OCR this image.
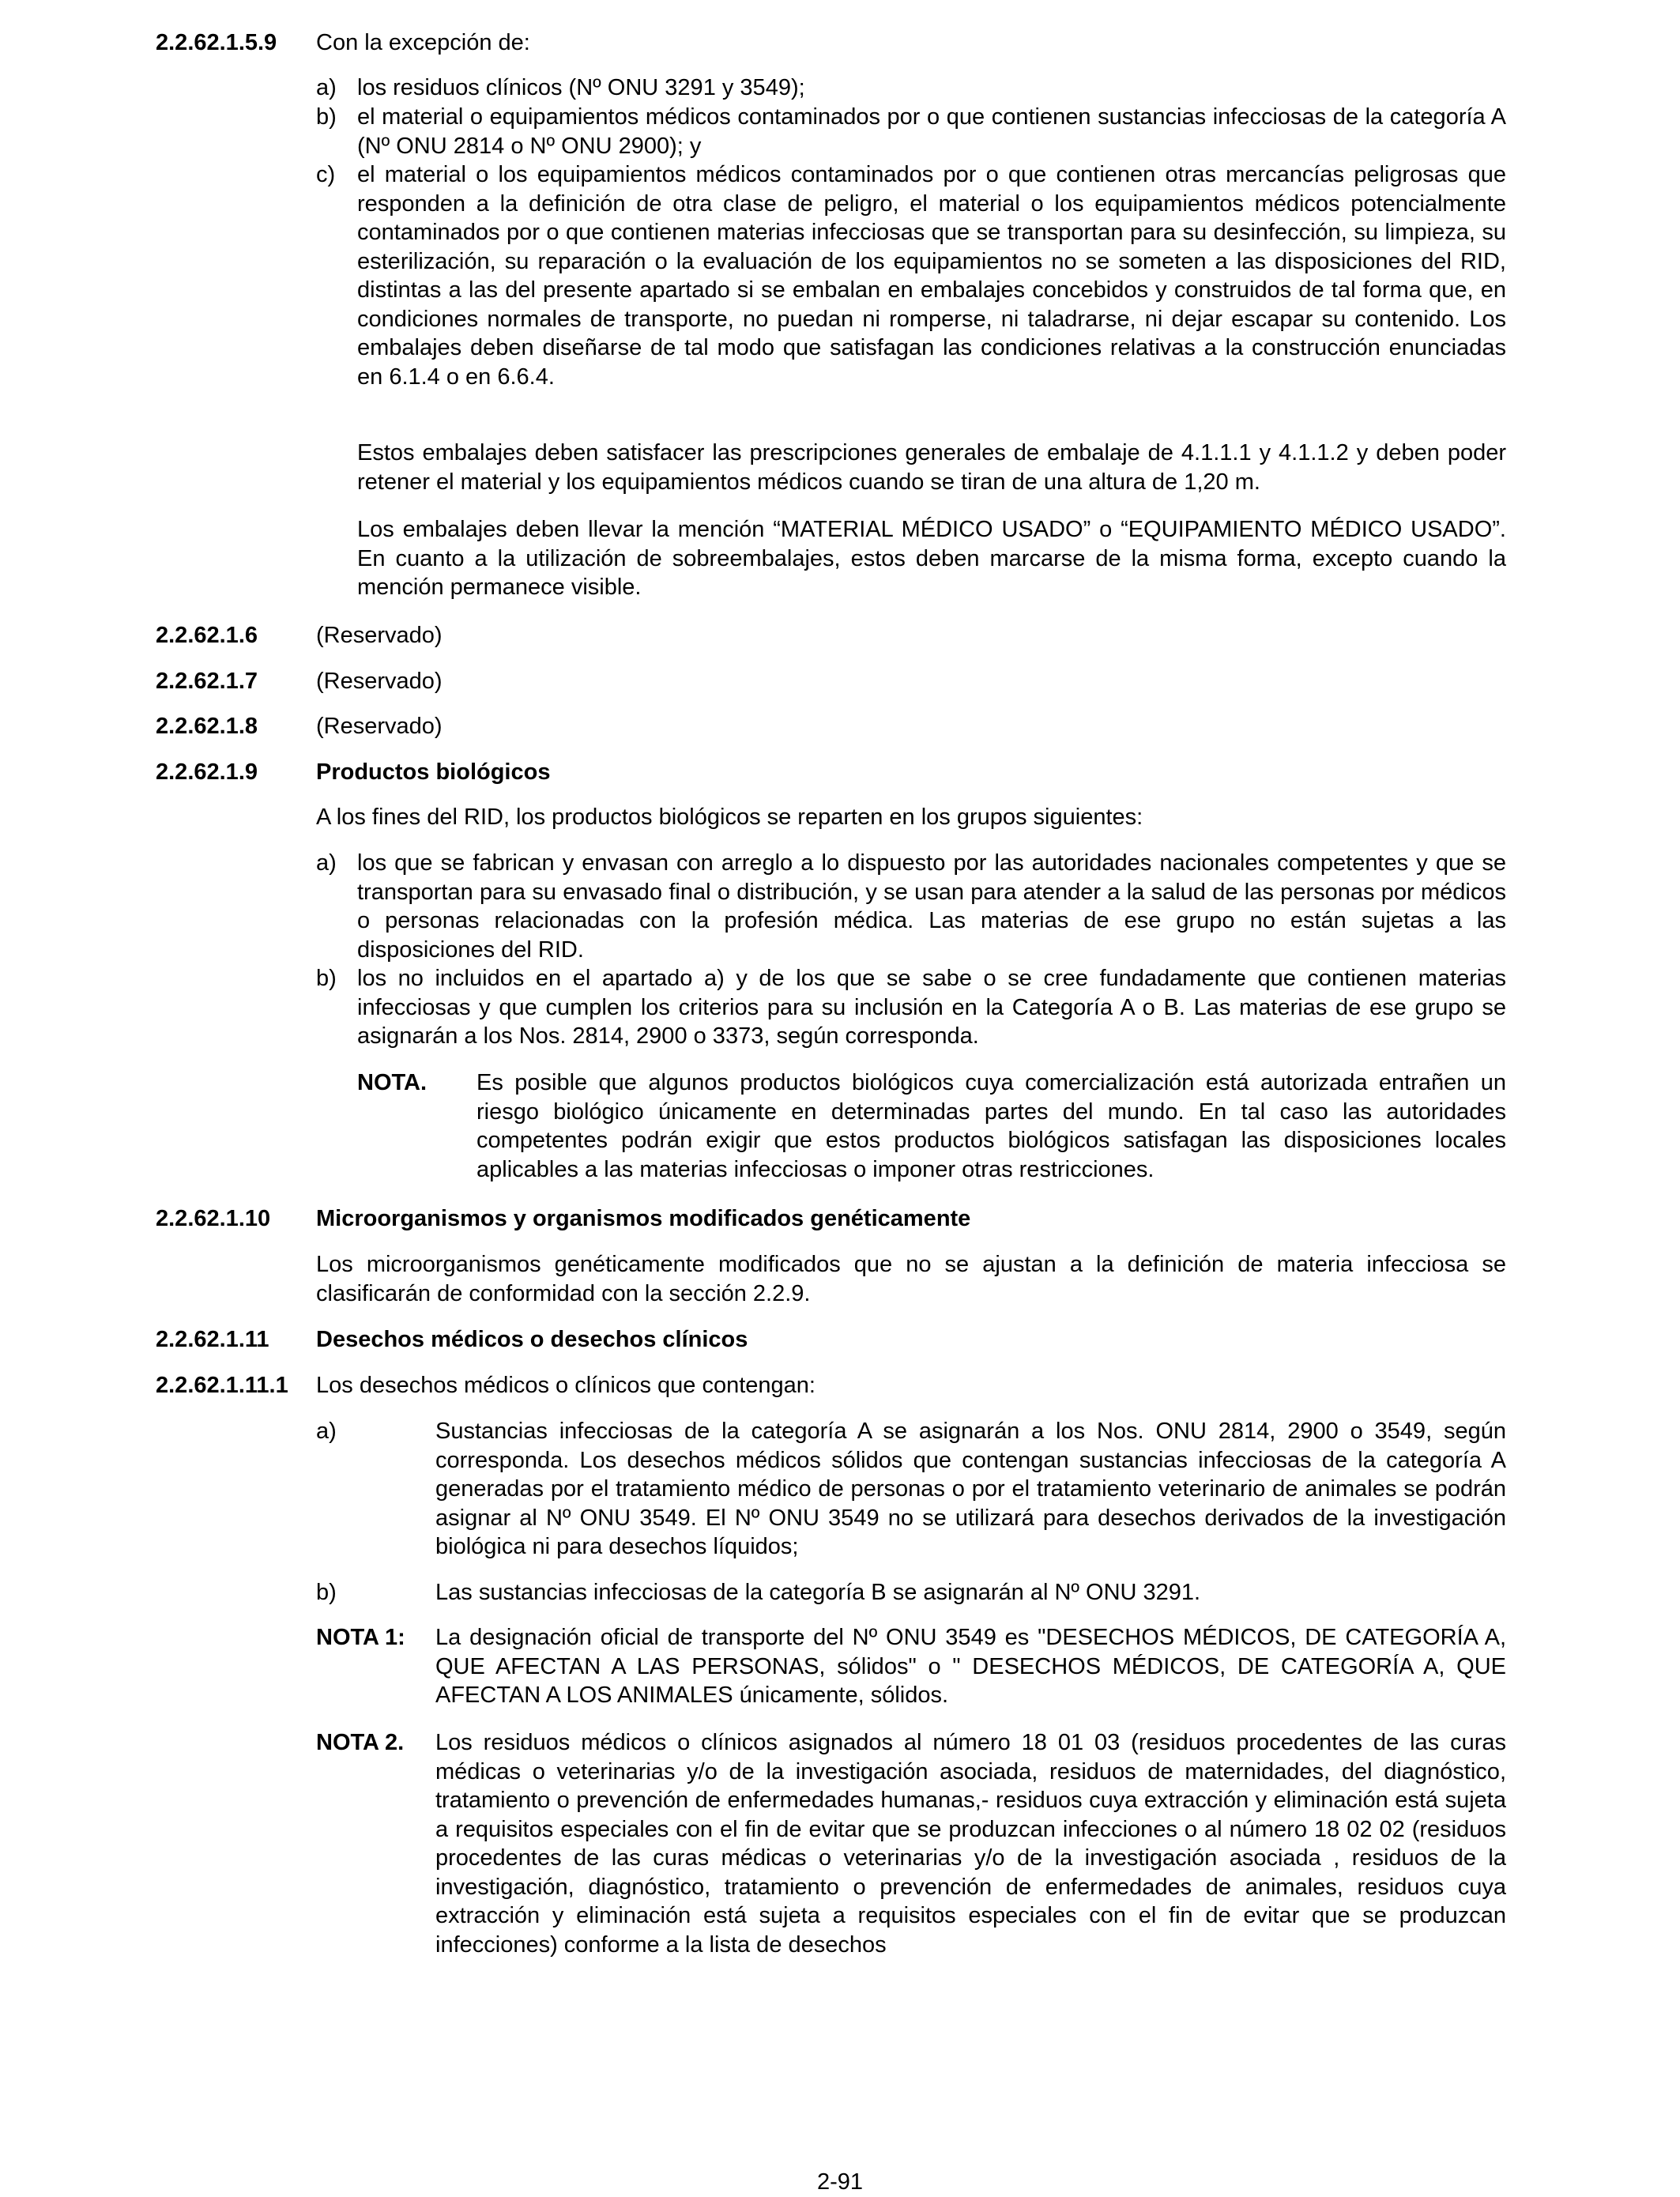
2.2.62.1.5.9 Con la excepción de:
a) los residuos clínicos (Nº ONU 3291 y 3549);
b) el material o equipamientos médicos contaminados por o que contienen sustancias infecciosas de la categoría A (Nº ONU 2814 o Nº ONU 2900); y
c) el material o los equipamientos médicos contaminados por o que contienen otras mercancías peligrosas que responden a la definición de otra clase de peligro, el material o los equipamientos médicos potencialmente contaminados por o que contienen materias infecciosas que se transportan para su desinfección, su limpieza, su esterilización, su reparación o la evaluación de los equipamientos no se someten a las disposiciones del RID, distintas a las del presente apartado si se embalan en embalajes concebidos y construidos de tal forma que, en condiciones normales de transporte, no puedan ni romperse, ni taladrarse, ni dejar escapar su contenido. Los embalajes deben diseñarse de tal modo que satisfagan las condiciones relativas a la construcción enunciadas en 6.1.4 o en 6.6.4.
Estos embalajes deben satisfacer las prescripciones generales de embalaje de 4.1.1.1 y 4.1.1.2 y deben poder retener el material y los equipamientos médicos cuando se tiran de una altura de 1,20 m.
Los embalajes deben llevar la mención “MATERIAL MÉDICO USADO” o “EQUIPAMIENTO MÉDICO USADO”. En cuanto a la utilización de sobreembalajes, estos deben marcarse de la misma forma, excepto cuando la mención permanece visible.
2.2.62.1.6	(Reservado)
2.2.62.1.7	(Reservado)
2.2.62.1.8	(Reservado)
2.2.62.1.9	Productos biológicos
A los fines del RID, los productos biológicos se reparten en los grupos siguientes:
a) los que se fabrican y envasan con arreglo a lo dispuesto por las autoridades nacionales competentes y que se transportan para su envasado final o distribución, y se usan para atender a la salud de las personas por médicos o personas relacionadas con la profesión médica. Las materias de ese grupo no están sujetas a las disposiciones del RID.
b) los no incluidos en el apartado a) y de los que se sabe o se cree fundadamente que contienen materias infecciosas y que cumplen los criterios para su inclusión en la Categoría A o B. Las materias de ese grupo se asignarán a los Nos. 2814, 2900 o 3373, según corresponda.
NOTA. Es posible que algunos productos biológicos cuya comercialización está autorizada entrañen un riesgo biológico únicamente en determinadas partes del mundo. En tal caso las autoridades competentes podrán exigir que estos productos biológicos satisfagan las disposiciones locales aplicables a las materias infecciosas o imponer otras restricciones.
2.2.62.1.10 Microorganismos y organismos modificados genéticamente
Los microorganismos genéticamente modificados que no se ajustan a la definición de materia infecciosa se clasificarán de conformidad con la sección 2.2.9.
2.2.62.1.11 Desechos médicos o desechos clínicos
2.2.62.1.11.1 Los desechos médicos o clínicos que contengan:
a)	Sustancias infecciosas de la categoría A se asignarán a los Nos. ONU 2814, 2900 o 3549, según corresponda. Los desechos médicos sólidos que contengan sustancias infecciosas de la categoría A generadas por el tratamiento médico de personas o por el tratamiento veterinario de animales se podrán asignar al Nº ONU 3549. El Nº ONU 3549 no se utilizará para desechos derivados de la investigación biológica ni para desechos líquidos;
b)	Las sustancias infecciosas de la categoría B se asignarán al Nº ONU 3291.
NOTA 1: La designación oficial de transporte del Nº ONU 3549 es "DESECHOS MÉDICOS, DE CATEGORÍA A, QUE AFECTAN A LAS PERSONAS, sólidos" o " DESECHOS MÉDICOS, DE CATEGORÍA A, QUE AFECTAN A LOS ANIMALES únicamente, sólidos.
NOTA 2. Los residuos médicos o clínicos asignados al número 18 01 03 (residuos procedentes de las curas médicas o veterinarias y/o de la investigación asociada, residuos de maternidades, del diagnóstico, tratamiento o prevención de enfermedades humanas,- residuos cuya extracción y eliminación está sujeta a requisitos especiales con el fin de evitar que se produzcan infecciones o al número 18 02 02 (residuos procedentes de las curas médicas o veterinarias y/o de la investigación asociada , residuos de la investigación, diagnóstico, tratamiento o prevención de enfermedades de animales, residuos cuya extracción y eliminación está sujeta a requisitos especiales con el fin de evitar que se produzcan infecciones) conforme a la lista de desechos
2-91
